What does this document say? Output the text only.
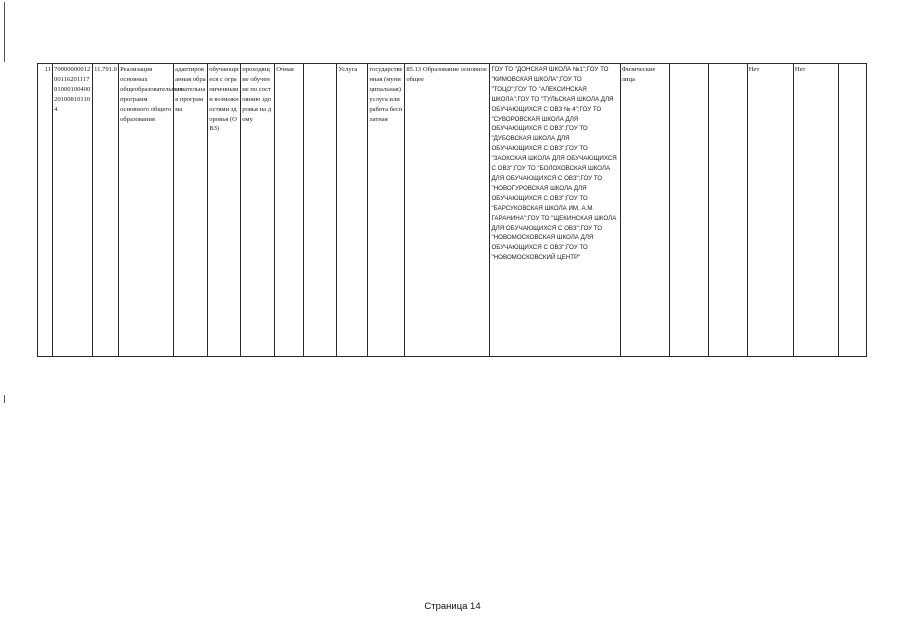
11	700000000120011620111791000100400201008101104	11.791.0	Реализация основных общеобразовательных программ основного общего образования	адаптированная образовательная программа	обучающиеся с ограниченными возможностями здоровья (ОВЗ)	проходящие обучение по состоянию здоровья на дому	Очная		Услуга	государственная (муниципальная) услуга или работа бесплатная	85.13 Образование основное общее	ГОУ ТО "ДОНСКАЯ ШКОЛА №1";ГОУ ТО "КИМОВСКАЯ ШКОЛА";ГОУ ТО "ТОЦО";ГОУ ТО "АЛЕКСИНСКАЯ ШКОЛА";ГОУ ТО "ТУЛЬСКАЯ ШКОЛА ДЛЯ ОБУЧАЮЩИХСЯ С ОВЗ № 4";ГОУ ТО "СУВОРОВСКАЯ ШКОЛА ДЛЯ ОБУЧАЮЩИХСЯ С ОВЗ";ГОУ ТО "ДУБОВСКАЯ ШКОЛА ДЛЯ ОБУЧАЮЩИХСЯ С ОВЗ";ГОУ ТО "ЗАОКСКАЯ ШКОЛА ДЛЯ ОБУЧАЮЩИХСЯ С ОВЗ";ГОУ ТО "БОЛОХОВСКАЯ ШКОЛА ДЛЯ ОБУЧАЮЩИХСЯ С ОВЗ";ГОУ ТО "НОВОГУРОВСКАЯ ШКОЛА ДЛЯ ОБУЧАЮЩИХСЯ С ОВЗ";ГОУ ТО "БАРСУКОВСКАЯ ШКОЛА ИМ. А.М. ГАРАНИНА";ГОУ ТО "ЩЕКИНСКАЯ ШКОЛА ДЛЯ ОБУЧАЮЩИХСЯ С ОВЗ";ГОУ ТО "НОВОМОСКОВСКАЯ ШКОЛА ДЛЯ ОБУЧАЮЩИХСЯ С ОВЗ";ГОУ ТО "НОВОМОСКОВСКИЙ ЦЕНТР"	Физические лица			Нет	Нет	
Страница 14
